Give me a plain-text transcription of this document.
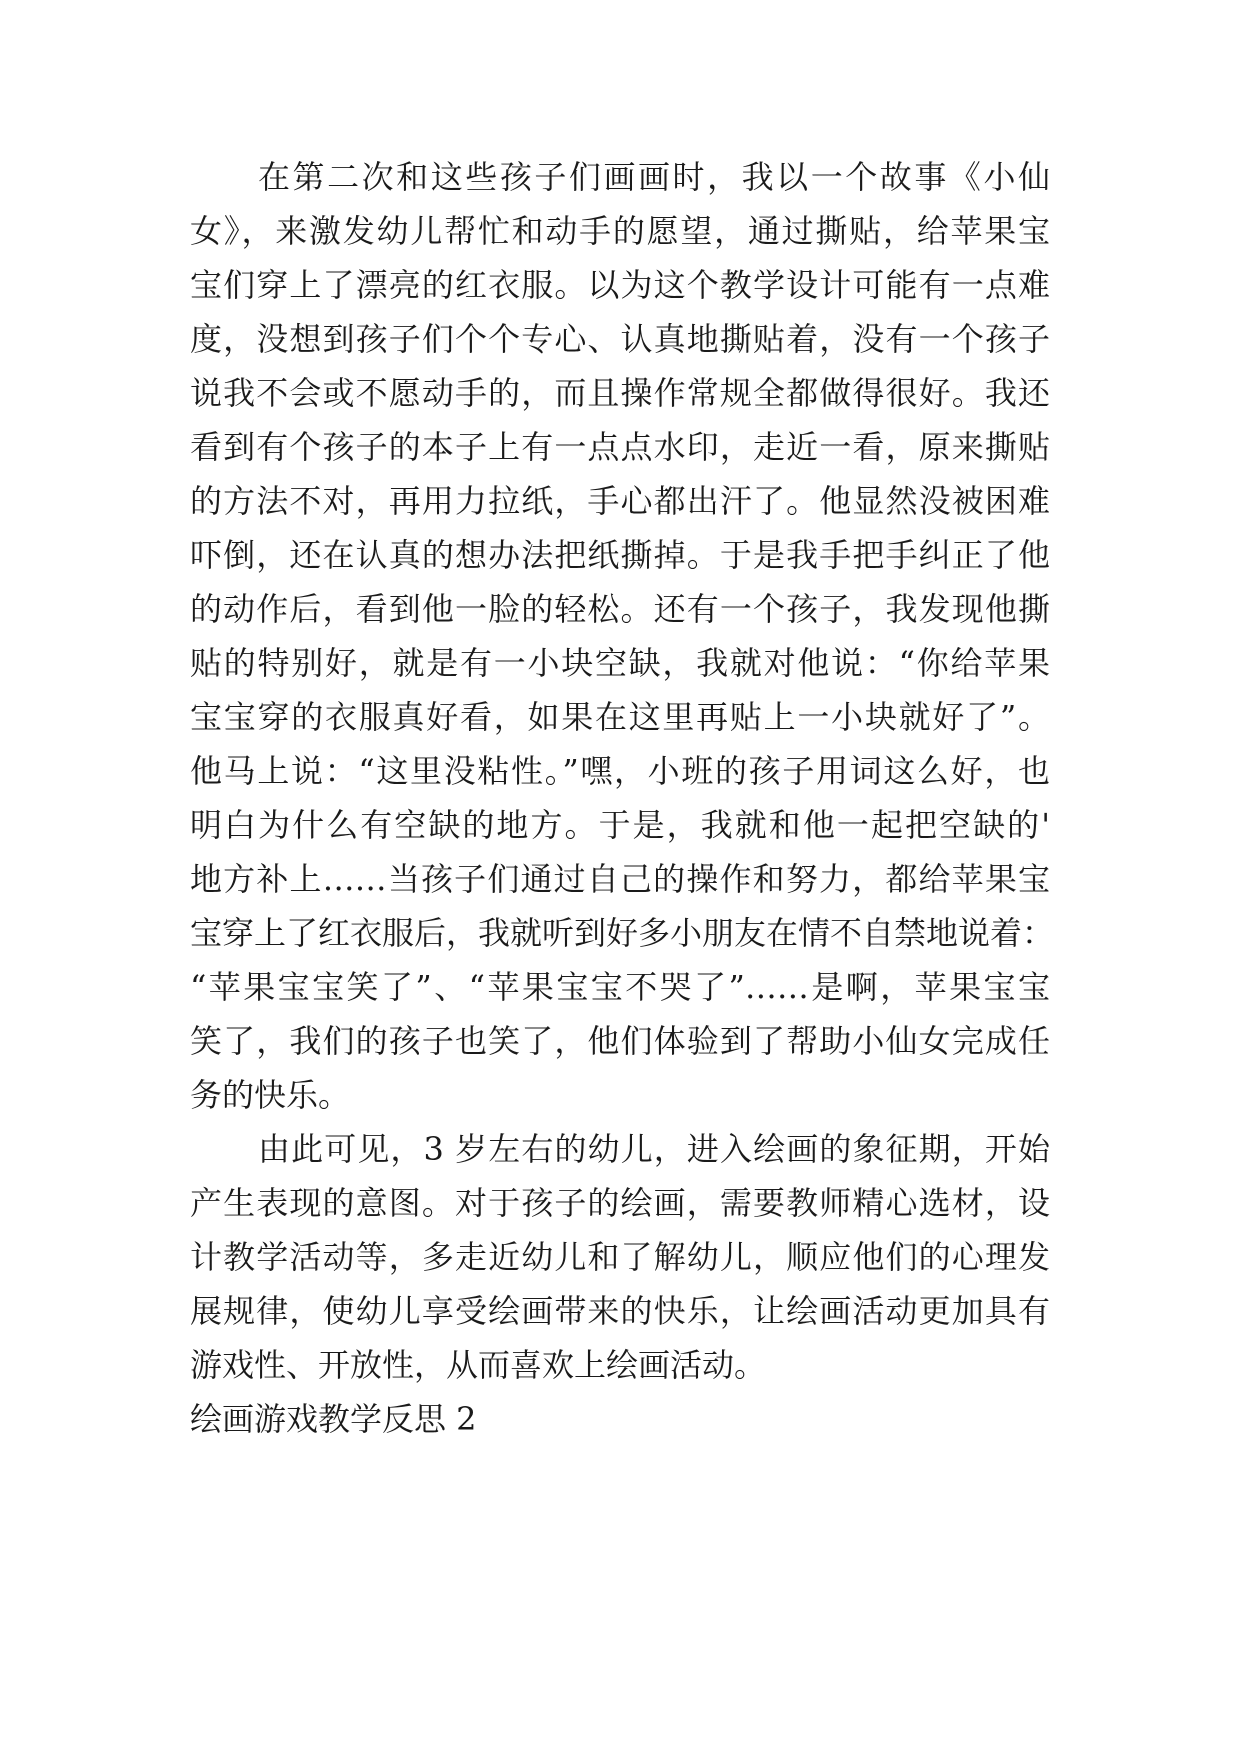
在第二次和这些孩子们画画时，我以一个故事《小仙
女》，来激发幼儿帮忙和动手的愿望，通过撕贴，给苹果宝
宝们穿上了漂亮的红衣服。以为这个教学设计可能有一点难
度，没想到孩子们个个专心、认真地撕贴着，没有一个孩子
说我不会或不愿动手的，而且操作常规全都做得很好。我还
看到有个孩子的本子上有一点点水印，走近一看，原来撕贴
的方法不对，再用力拉纸，手心都出汗了。他显然没被困难
吓倒，还在认真的想办法把纸撕掉。于是我手把手纠正了他
的动作后，看到他一脸的轻松。还有一个孩子，我发现他撕
贴的特别好，就是有一小块空缺，我就对他说：“你给苹果
宝宝穿的衣服真好看，如果在这里再贴上一小块就好了”。
他马上说：“这里没粘性。”嘿，小班的孩子用词这么好，也
明白为什么有空缺的地方。于是，我就和他一起把空缺的'
地方补上……当孩子们通过自己的操作和努力，都给苹果宝
宝穿上了红衣服后，我就听到好多小朋友在情不自禁地说着：
“苹果宝宝笑了”、“苹果宝宝不哭了”……是啊，苹果宝宝
笑了，我们的孩子也笑了，他们体验到了帮助小仙女完成任
务的快乐。
由此可见，3 岁左右的幼儿，进入绘画的象征期，开始
产生表现的意图。对于孩子的绘画，需要教师精心选材，设
计教学活动等，多走近幼儿和了解幼儿，顺应他们的心理发
展规律，使幼儿享受绘画带来的快乐，让绘画活动更加具有
游戏性、开放性，从而喜欢上绘画活动。
绘画游戏教学反思 2
